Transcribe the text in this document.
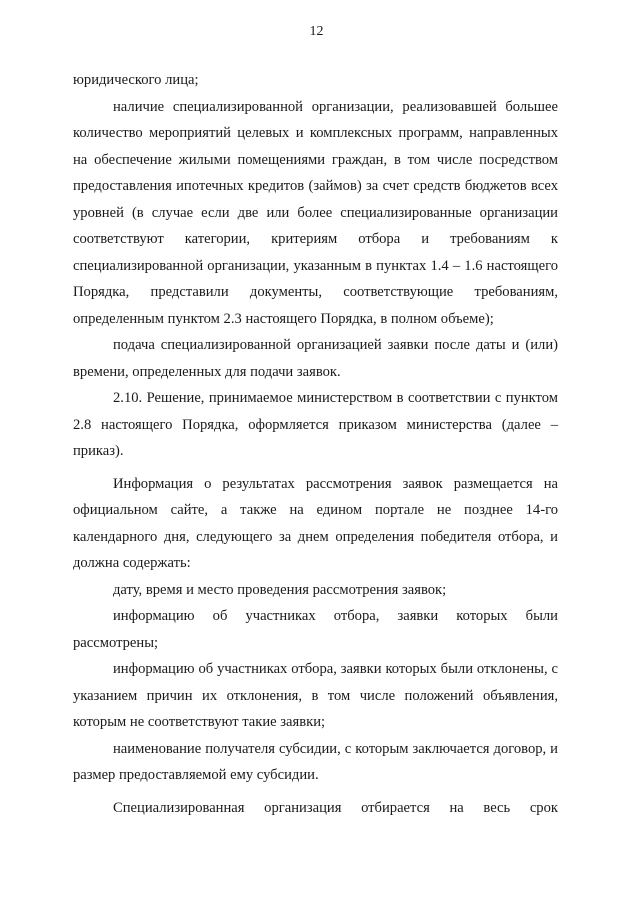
12

юридического лица;

наличие специализированной организации, реализовавшей большее количество мероприятий целевых и комплексных программ, направленных на обеспечение жилыми помещениями граждан, в том числе посредством предоставления ипотечных кредитов (займов) за счет средств бюджетов всех уровней (в случае если две или более специализированные организации соответствуют категории, критериям отбора и требованиям к специализированной организации, указанным в пунктах 1.4 – 1.6 настоящего Порядка, представили документы, соответствующие требованиям, определенным пунктом 2.3 настоящего Порядка, в полном объеме);

подача специализированной организацией заявки после даты и (или) времени, определенных для подачи заявок.

2.10. Решение, принимаемое министерством в соответствии с пунктом 2.8 настоящего Порядка, оформляется приказом министерства (далее – приказ).

Информация о результатах рассмотрения заявок размещается на официальном сайте, а также на едином портале не позднее 14-го календарного дня, следующего за днем определения победителя отбора, и должна содержать:

дату, время и место проведения рассмотрения заявок;

информацию об участниках отбора, заявки которых были рассмотрены;

информацию об участниках отбора, заявки которых были отклонены, с указанием причин их отклонения, в том числе положений объявления, которым не соответствуют такие заявки;

наименование получателя субсидии, с которым заключается договор, и размер предоставляемой ему субсидии.

Специализированная организация отбирается на весь срок
